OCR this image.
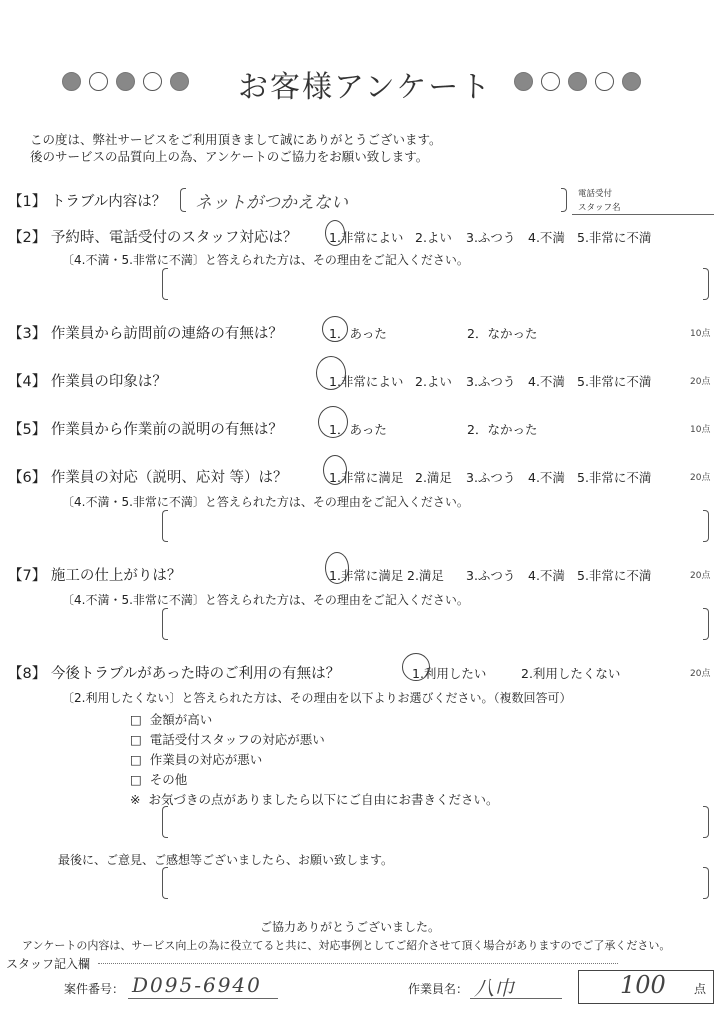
お客様アンケート
この度は、弊社サービスをご利用頂きまして誠にありがとうございます。
後のサービスの品質向上の為、アンケートのご協力をお願い致します。
【1】 トラブル内容は？ ネットがつかえない	電話受付
スタッフ名
【2】 予約時、電話受付のスタッフ対応は？	1.非常によい 2.よい 3.ふつう 4.不満 5.非常に不満
〔4.不満・5.非常に不満〕と答えられた方は、その理由をご記入ください。
【3】 作業員から訪問前の連絡の有無は？	1．あった	2．なかった	10点
【4】 作業員の印象は？	1.非常によい 2.よい 3.ふつう 4.不満 5.非常に不満	20点
【5】 作業員から作業前の説明の有無は？	1．あった	2．なかった	10点
【6】 作業員の対応（説明、応対 等）は？	1.非常に満足 2.満足 3.ふつう 4.不満 5.非常に不満	20点
〔4.不満・5.非常に不満〕と答えられた方は、その理由をご記入ください。
【7】 施工の仕上がりは？	1.非常に満足 2.満足 3.ふつう 4.不満 5.非常に不満	20点
〔4.不満・5.非常に不満〕と答えられた方は、その理由をご記入ください。
【8】 今後トラブルがあった時のご利用の有無は？	1.利用したい	2.利用したくない	20点
〔2.利用したくない〕と答えられた方は、その理由を以下よりお選びください。（複数回答可）
□ 金額が高い
□ 電話受付スタッフの対応が悪い
□ 作業員の対応が悪い
□ その他
※ お気づきの点がありましたら以下にご自由にお書きください。
最後に、ご意見、ご感想等ございましたら、お願い致します。
ご協力ありがとうございました。
アンケートの内容は、サービス向上の為に役立てると共に、対応事例としてご紹介させて頂く場合がありますのでご了承ください。
スタッフ記入欄
案件番号： D095-6940	作業員名： 八巾	100 点
